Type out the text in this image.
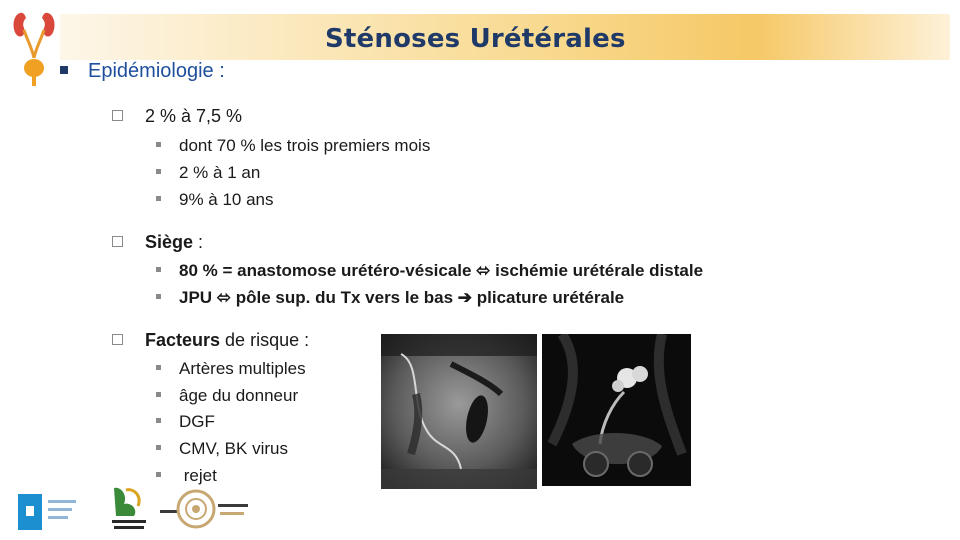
Sténoses Urétérales
Epidémiologie :
2 % à 7,5 %
dont 70 % les trois premiers mois
2 % à 1 an
9% à 10 ans
Siège :
80 % = anastomose urétéro-vésicale ⬄ ischémie urétérale distale
JPU ⬄ pôle sup. du Tx vers le bas ➔ plicature urétérale
Facteurs de risque :
Artères multiples
âge du donneur
DGF
CMV, BK virus
rejet
